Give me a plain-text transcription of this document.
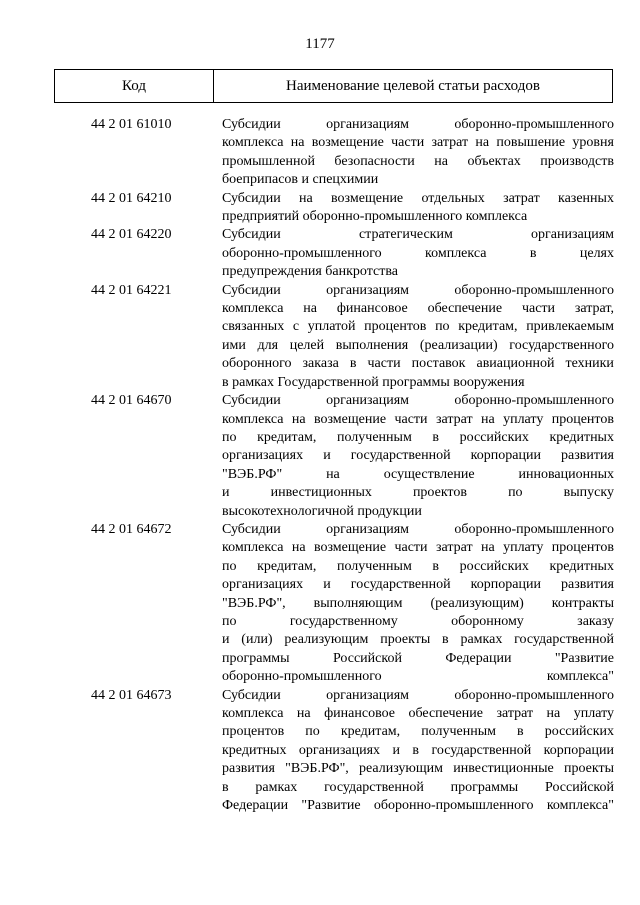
1177
Код	Наименование целевой статьи расходов
44 2 01 61010	Субсидии	организациям	оборонно-промышленного
комплекса на возмещение части затрат на повышение уровня
промышленной безопасности на объектах производств
боеприпасов и спецхимии
44 2 01 64210	Субсидии на возмещение отдельных затрат казенных
предприятий оборонно-промышленного комплекса
44 2 01 64220	Субсидии	стратегическим	организациям
оборонно-промышленного	комплекса	в	целях
предупреждения банкротства
44 2 01 64221	Субсидии	организациям	оборонно-промышленного
комплекса на финансовое обеспечение части затрат,
связанных с уплатой процентов по кредитам, привлекаемым
ими для целей выполнения (реализации) государственного
оборонного заказа в части поставок авиационной техники
в рамках Государственной программы вооружения
44 2 01 64670	Субсидии	организациям	оборонно-промышленного
комплекса на возмещение части затрат на уплату процентов
по кредитам, полученным в российских кредитных
организациях и государственной корпорации развития
"ВЭБ.РФ"	на	осуществление	инновационных
и	инвестиционных	проектов	по	выпуску
высокотехнологичной продукции
44 2 01 64672	Субсидии	организациям	оборонно-промышленного
комплекса на возмещение части затрат на уплату процентов
по кредитам, полученным в российских кредитных
организациях и государственной корпорации развития
"ВЭБ.РФ", выполняющим (реализующим) контракты
по	государственному	оборонному	заказу
и (или) реализующим проекты в рамках государственной
программы	Российской	Федерации	"Развитие
оборонно-промышленного	комплекса"
44 2 01 64673	Субсидии	организациям	оборонно-промышленного
комплекса на финансовое обеспечение затрат на уплату
процентов по кредитам, полученным в российских
кредитных организациях и в государственной корпорации
развития "ВЭБ.РФ", реализующим инвестиционные проекты
в рамках государственной программы Российской
Федерации "Развитие оборонно-промышленного комплекса"
